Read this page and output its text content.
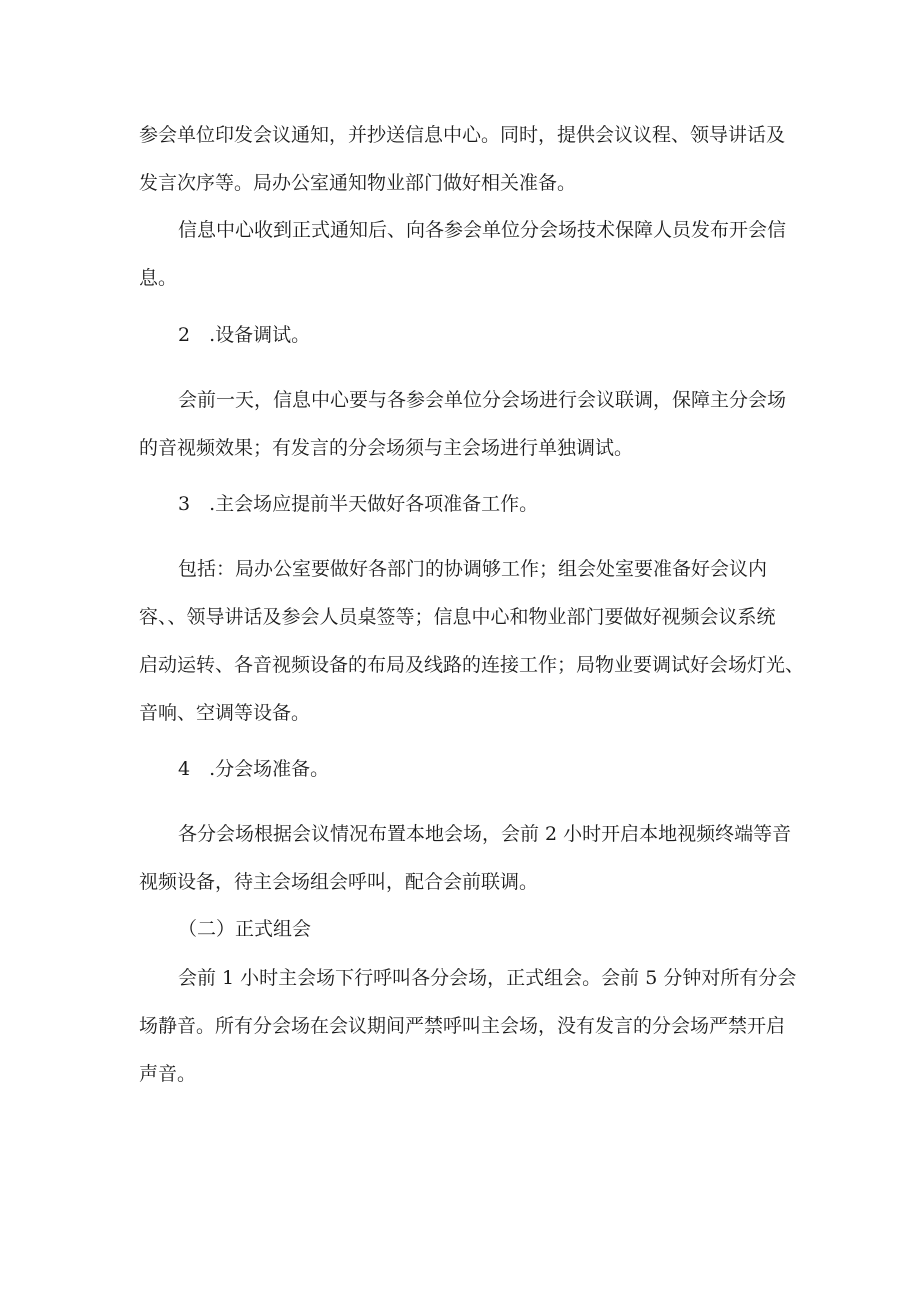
参会单位印发会议通知，并抄送信息中心。同时，提供会议议程、领导讲话及
发言次序等。局办公室通知物业部门做好相关准备。
信息中心收到正式通知后、向各参会单位分会场技术保障人员发布开会信
息。
2 .设备调试。
会前一天，信息中心要与各参会单位分会场进行会议联调，保障主分会场
的音视频效果；有发言的分会场须与主会场进行单独调试。
3 .主会场应提前半天做好各项准备工作。
包括：局办公室要做好各部门的协调够工作；组会处室要准备好会议内
容、、领导讲话及参会人员桌签等；信息中心和物业部门要做好视频会议系统
启动运转、各音视频设备的布局及线路的连接工作；局物业要调试好会场灯光、
音响、空调等设备。
4 .分会场准备。
各分会场根据会议情况布置本地会场，会前 2 小时开启本地视频终端等音
视频设备，待主会场组会呼叫，配合会前联调。
（二）正式组会
会前 1 小时主会场下行呼叫各分会场，正式组会。会前 5 分钟对所有分会
场静音。所有分会场在会议期间严禁呼叫主会场，没有发言的分会场严禁开启
声音。
